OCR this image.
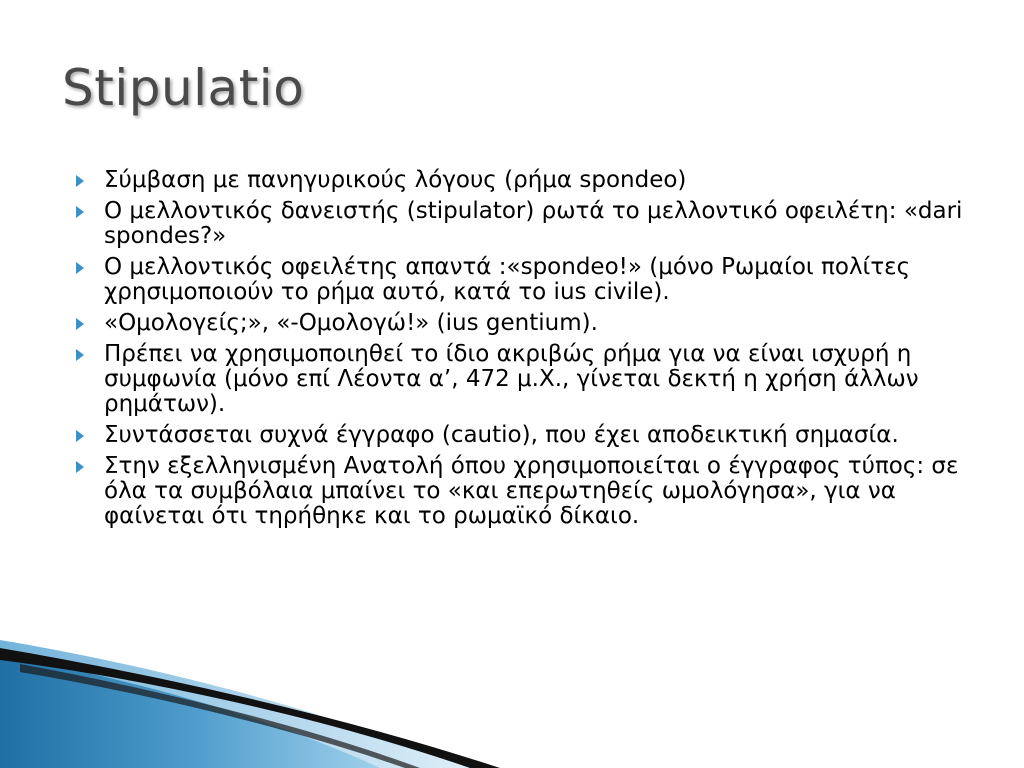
Stipulatio
Σύμβαση με πανηγυρικούς λόγους (ρήμα spondeo)
Ο μελλοντικός δανειστής (stipulator) ρωτά το μελλοντικό οφειλέτη: «dari spondes?»
Ο μελλοντικός οφειλέτης απαντά :«spondeo!» (μόνο Ρωμαίοι πολίτες χρησιμοποιούν το ρήμα αυτό, κατά το ius civile).
«Ομολογείς;», «-Ομολογώ!» (ius gentium).
Πρέπει να χρησιμοποιηθεί το ίδιο ακριβώς ρήμα για να είναι ισχυρή η συμφωνία (μόνο επί Λέοντα α’, 472 μ.Χ., γίνεται δεκτή η χρήση άλλων ρημάτων).
Συντάσσεται συχνά έγγραφο (cautio), που έχει αποδεικτική σημασία.
Στην εξελληνισμένη Ανατολή όπου χρησιμοποιείται ο έγγραφος τύπος: σε όλα τα συμβόλαια μπαίνει το «και επερωτηθείς ωμολόγησα», για να φαίνεται ότι τηρήθηκε και το ρωμαϊκό δίκαιο.
